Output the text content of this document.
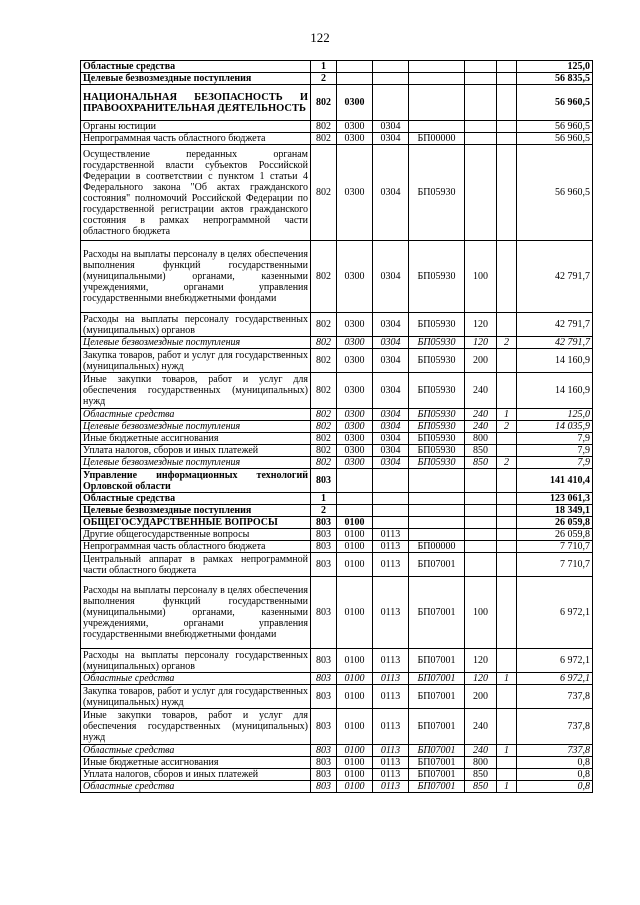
122
Областные средства	1						125,0
Целевые безвозмездные поступления	2						56 835,5
НАЦИОНАЛЬНАЯ БЕЗОПАСНОСТЬ И ПРАВООХРАНИТЕЛЬНАЯ ДЕЯТЕЛЬНОСТЬ	802	0300					56 960,5
Органы юстиции	802	0300	0304				56 960,5
Непрограммная часть областного бюджета	802	0300	0304	БП00000			56 960,5
Осуществление переданных органам государственной власти субъектов Российской Федерации в соответствии с пунктом 1 статьи 4 Федерального закона "Об актах гражданского состояния" полномочий Российской Федерации по государственной регистрации актов гражданского состояния в рамках непрограммной части областного бюджета	802	0300	0304	БП05930			56 960,5
Расходы на выплаты персоналу в целях обеспечения выполнения функций государственными (муниципальными) органами, казенными учреждениями, органами управления государственными внебюджетными фондами	802	0300	0304	БП05930	100		42 791,7
Расходы на выплаты персоналу государственных (муниципальных) органов	802	0300	0304	БП05930	120		42 791,7
Целевые безвозмездные поступления	802	0300	0304	БП05930	120	2	42 791,7
Закупка товаров, работ и услуг для государственных (муниципальных) нужд	802	0300	0304	БП05930	200		14 160,9
Иные закупки товаров, работ и услуг для обеспечения государственных (муниципальных) нужд	802	0300	0304	БП05930	240		14 160,9
Областные средства	802	0300	0304	БП05930	240	1	125,0
Целевые безвозмездные поступления	802	0300	0304	БП05930	240	2	14 035,9
Иные бюджетные ассигнования	802	0300	0304	БП05930	800		7,9
Уплата налогов, сборов и иных платежей	802	0300	0304	БП05930	850		7,9
Целевые безвозмездные поступления	802	0300	0304	БП05930	850	2	7,9
Управление информационных технологий Орловской области	803						141 410,4
Областные средства	1						123 061,3
Целевые безвозмездные поступления	2						18 349,1
ОБЩЕГОСУДАРСТВЕННЫЕ ВОПРОСЫ	803	0100					26 059,8
Другие общегосударственные вопросы	803	0100	0113				26 059,8
Непрограммная часть областного бюджета	803	0100	0113	БП00000			7 710,7
Центральный аппарат в рамках непрограммной части областного бюджета	803	0100	0113	БП07001			7 710,7
Расходы на выплаты персоналу в целях обеспечения выполнения функций государственными (муниципальными) органами, казенными учреждениями, органами управления государственными внебюджетными фондами	803	0100	0113	БП07001	100		6 972,1
Расходы на выплаты персоналу государственных (муниципальных) органов	803	0100	0113	БП07001	120		6 972,1
Областные средства	803	0100	0113	БП07001	120	1	6 972,1
Закупка товаров, работ и услуг для государственных (муниципальных) нужд	803	0100	0113	БП07001	200		737,8
Иные закупки товаров, работ и услуг для обеспечения государственных (муниципальных) нужд	803	0100	0113	БП07001	240		737,8
Областные средства	803	0100	0113	БП07001	240	1	737,8
Иные бюджетные ассигнования	803	0100	0113	БП07001	800		0,8
Уплата налогов, сборов и иных платежей	803	0100	0113	БП07001	850		0,8
Областные средства	803	0100	0113	БП07001	850	1	0,8
